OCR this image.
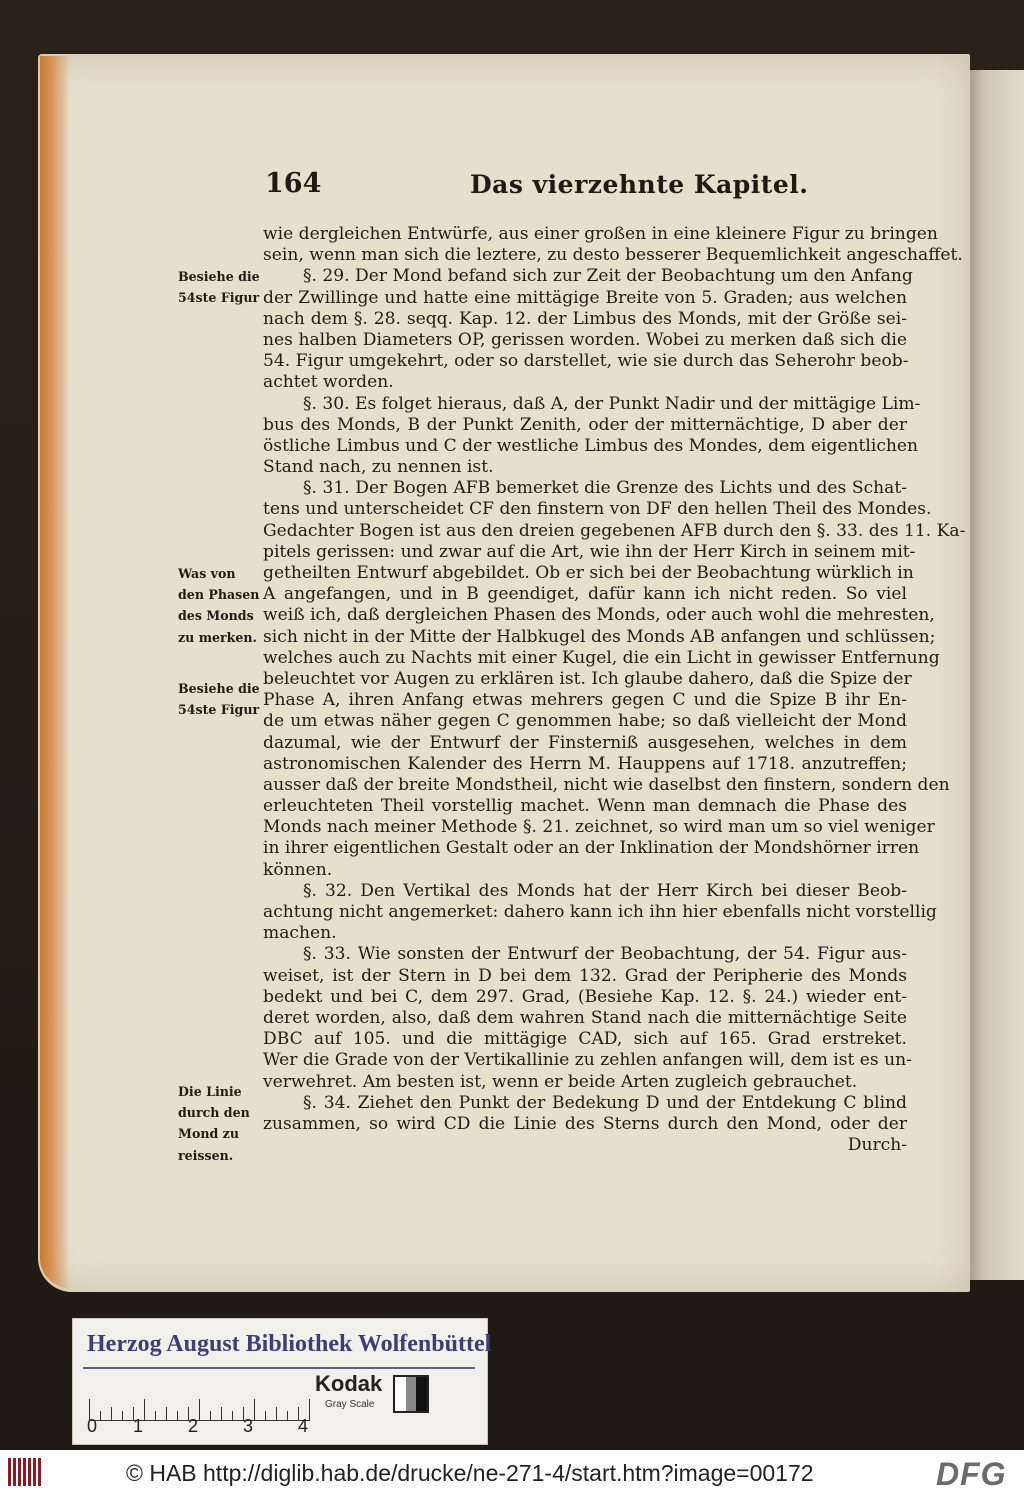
164	Das vierzehnte Kapitel.
wie dergleichen Entwürfe, aus einer großen in eine kleinere Figur zu bringen
sein, wenn man sich die leztere, zu desto besserer Bequemlichkeit angeschaffet.
§. 29. Der Mond befand sich zur Zeit der Beobachtung um den Anfang
der Zwillinge und hatte eine mittägige Breite von 5. Graden; aus welchen
nach dem §. 28. seqq. Kap. 12. der Limbus des Monds, mit der Größe sei-
nes halben Diameters OP, gerissen worden. Wobei zu merken daß sich die
54. Figur umgekehrt, oder so darstellet, wie sie durch das Seherohr beob-
achtet worden.
§. 30. Es folget hieraus, daß A, der Punkt Nadir und der mittägige Lim-
bus des Monds, B der Punkt Zenith, oder der mitternächtige, D aber der
östliche Limbus und C der westliche Limbus des Mondes, dem eigentlichen
Stand nach, zu nennen ist.
§. 31. Der Bogen AFB bemerket die Grenze des Lichts und des Schat-
tens und unterscheidet CF den finstern von DF den hellen Theil des Mondes.
Gedachter Bogen ist aus den dreien gegebenen AFB durch den §. 33. des 11. Ka-
pitels gerissen: und zwar auf die Art, wie ihn der Herr Kirch in seinem mit-
getheilten Entwurf abgebildet. Ob er sich bei der Beobachtung würklich in
A angefangen, und in B geendiget, dafür kann ich nicht reden. So viel
weiß ich, daß dergleichen Phasen des Monds, oder auch wohl die mehresten,
sich nicht in der Mitte der Halbkugel des Monds AB anfangen und schlüssen;
welches auch zu Nachts mit einer Kugel, die ein Licht in gewisser Entfernung
beleuchtet vor Augen zu erklären ist. Ich glaube dahero, daß die Spize der
Phase A, ihren Anfang etwas mehrers gegen C und die Spize B ihr En-
de um etwas näher gegen C genommen habe; so daß vielleicht der Mond
dazumal, wie der Entwurf der Finsterniß ausgesehen, welches in dem
astronomischen Kalender des Herrn M. Hauppens auf 1718. anzutreffen;
ausser daß der breite Mondstheil, nicht wie daselbst den finstern, sondern den
erleuchteten Theil vorstellig machet. Wenn man demnach die Phase des
Monds nach meiner Methode §. 21. zeichnet, so wird man um so viel weniger
in ihrer eigentlichen Gestalt oder an der Inklination der Mondshörner irren
können.
§. 32. Den Vertikal des Monds hat der Herr Kirch bei dieser Beob-
achtung nicht angemerket: dahero kann ich ihn hier ebenfalls nicht vorstellig
machen.
§. 33. Wie sonsten der Entwurf der Beobachtung, der 54. Figur aus-
weiset, ist der Stern in D bei dem 132. Grad der Peripherie des Monds
bedekt und bei C, dem 297. Grad, (Besiehe Kap. 12. §. 24.) wieder ent-
deret worden, also, daß dem wahren Stand nach die mitternächtige Seite
DBC auf 105. und die mittägige CAD, sich auf 165. Grad erstreket.
Wer die Grade von der Vertikallinie zu zehlen anfangen will, dem ist es un-
verwehret. Am besten ist, wenn er beide Arten zugleich gebrauchet.
§. 34. Ziehet den Punkt der Bedekung D und der Entdekung C blind
zusammen, so wird CD die Linie des Sterns durch den Mond, oder der
Durch-
Besiehe die
54ste Figur
Was von
den Phasen
des Monds
zu merken.
Besiehe die
54ste Figur
Die Linie
durch den
Mond zu
reissen.
Herzog August Bibliothek Wolfenbüttel
0 1 2 3 4
Kodak
Gray Scale
© HAB http://diglib.hab.de/drucke/ne-271-4/start.htm?image=00172	DFG
